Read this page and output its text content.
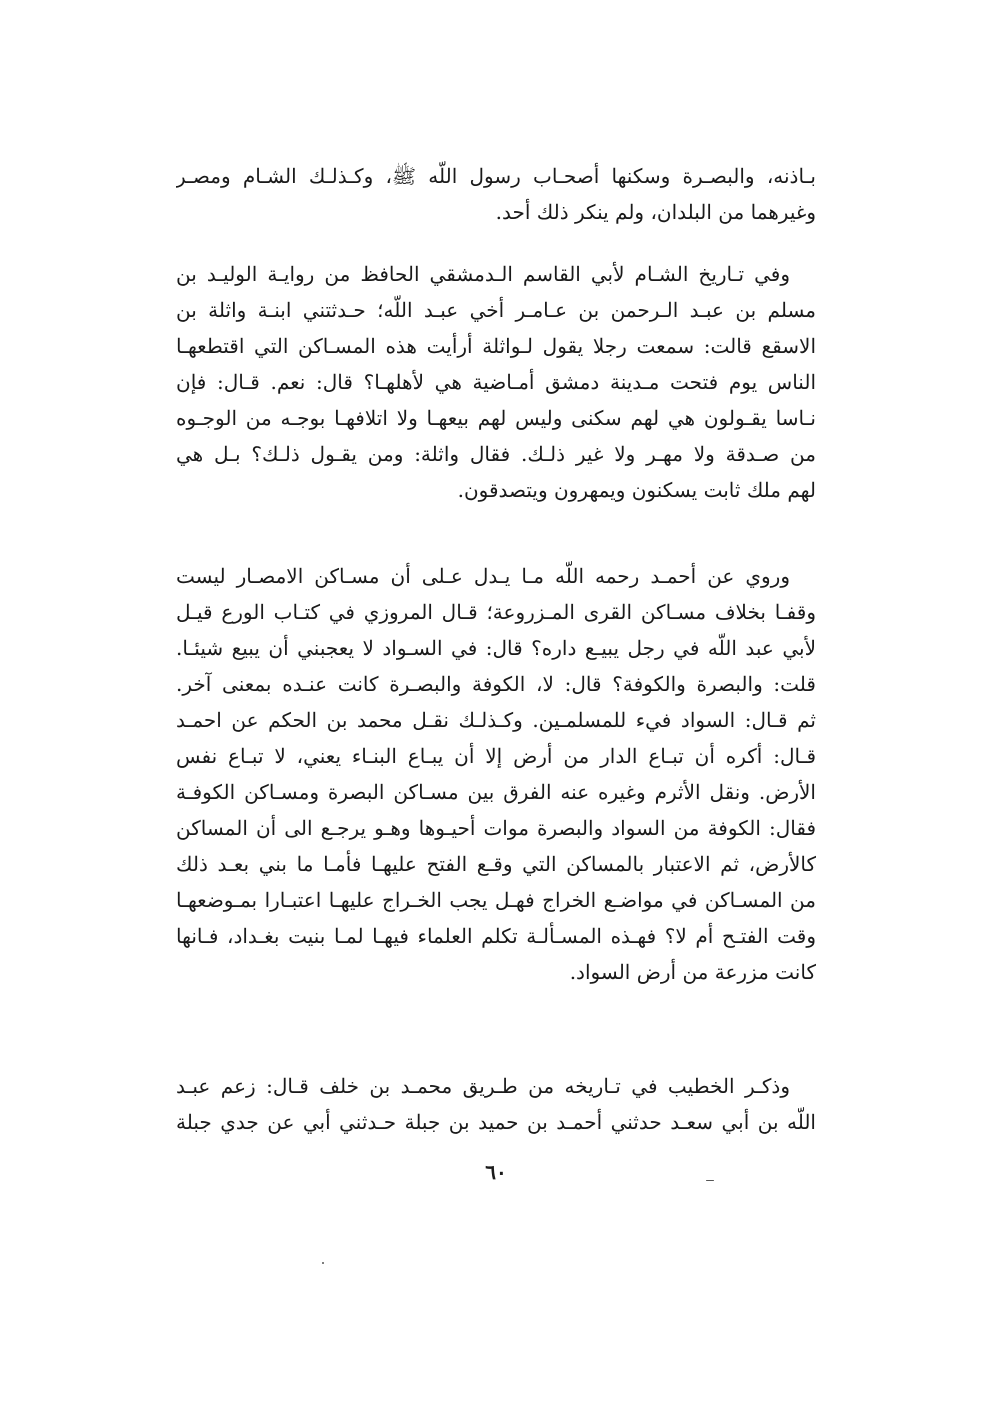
بـاذنه، والبصـرة وسكنها أصحـاب رسول اللّه ﷺ، وكـذلـك الشـام ومصـر
وغيرهما من البلدان، ولم ينكر ذلك أحد.
وفي تـاريخ الشـام لأبي القاسم الـدمشقي الحافظ من روايـة الوليـد بن
مسلم بن عبـد الـرحمن بن عـامـر أخي عبـد اللّه؛ حـدثتني ابنـة واثلة بن
الاسقع قالت: سمعت رجلا يقول لـواثلة أرأيت هذه المسـاكن التي اقتطعهـا
الناس يوم فتحت مـدينة دمشق أمـاضية هي لأهلهـا؟ قال: نعم. قـال: فإن
نـاسا يقـولون هي لهم سكنى وليس لهم بيعهـا ولا اتلافهـا بوجـه من الوجـوه
من صـدقة ولا مهـر ولا غير ذلـك. فقال واثلة: ومن يقـول ذلـك؟ بـل هي
لهم ملك ثابت يسكنون ويمهرون ويتصدقون.
وروي عن أحمـد رحمه اللّه مـا يـدل عـلى أن مسـاكن الامصـار ليست
وقفـا بخلاف مسـاكن القرى المـزروعة؛ قـال المروزي في كتـاب الورع قيـل
لأبي عبد اللّه في رجل يبيـع داره؟ قال: في السـواد لا يعجبني أن يبيع شيئـا.
قلت: والبصرة والكوفة؟ قال: لا، الكوفة والبصـرة كانت عنـده بمعنى آخر.
ثم قـال: السواد فيء للمسلمـين. وكـذلـك نقـل محمد بن الحكم عن احمـد
قـال: أكره أن تبـاع الدار من أرض إلا أن يبـاع البنـاء يعني، لا تبـاع نفس
الأرض. ونقل الأثرم وغيره عنه الفرق بين مسـاكن البصرة ومسـاكن الكوفـة
فقال: الكوفة من السواد والبصرة موات أحيـوها وهـو يرجـع الى أن المساكن
كالأرض، ثم الاعتبار بالمساكن التي وقـع الفتح عليهـا فأمـا ما بني بعـد ذلك
من المسـاكن في مواضـع الخراج فهـل يجب الخـراج عليهـا اعتبـارا بمـوضعهـا
وقت الفتـح أم لا؟ فهـذه المسـألـة تكلم العلماء فيهـا لمـا بنيت بغـداد، فـانها
كانت مزرعة من أرض السواد.
وذكـر الخطيب في تـاريخه من طـريق محمـد بن خلف قـال: زعم عبـد
اللّه بن أبي سعـد حدثني أحمـد بن حميد بن جبلة حـدثني أبي عن جدي جبلة
٦٠
